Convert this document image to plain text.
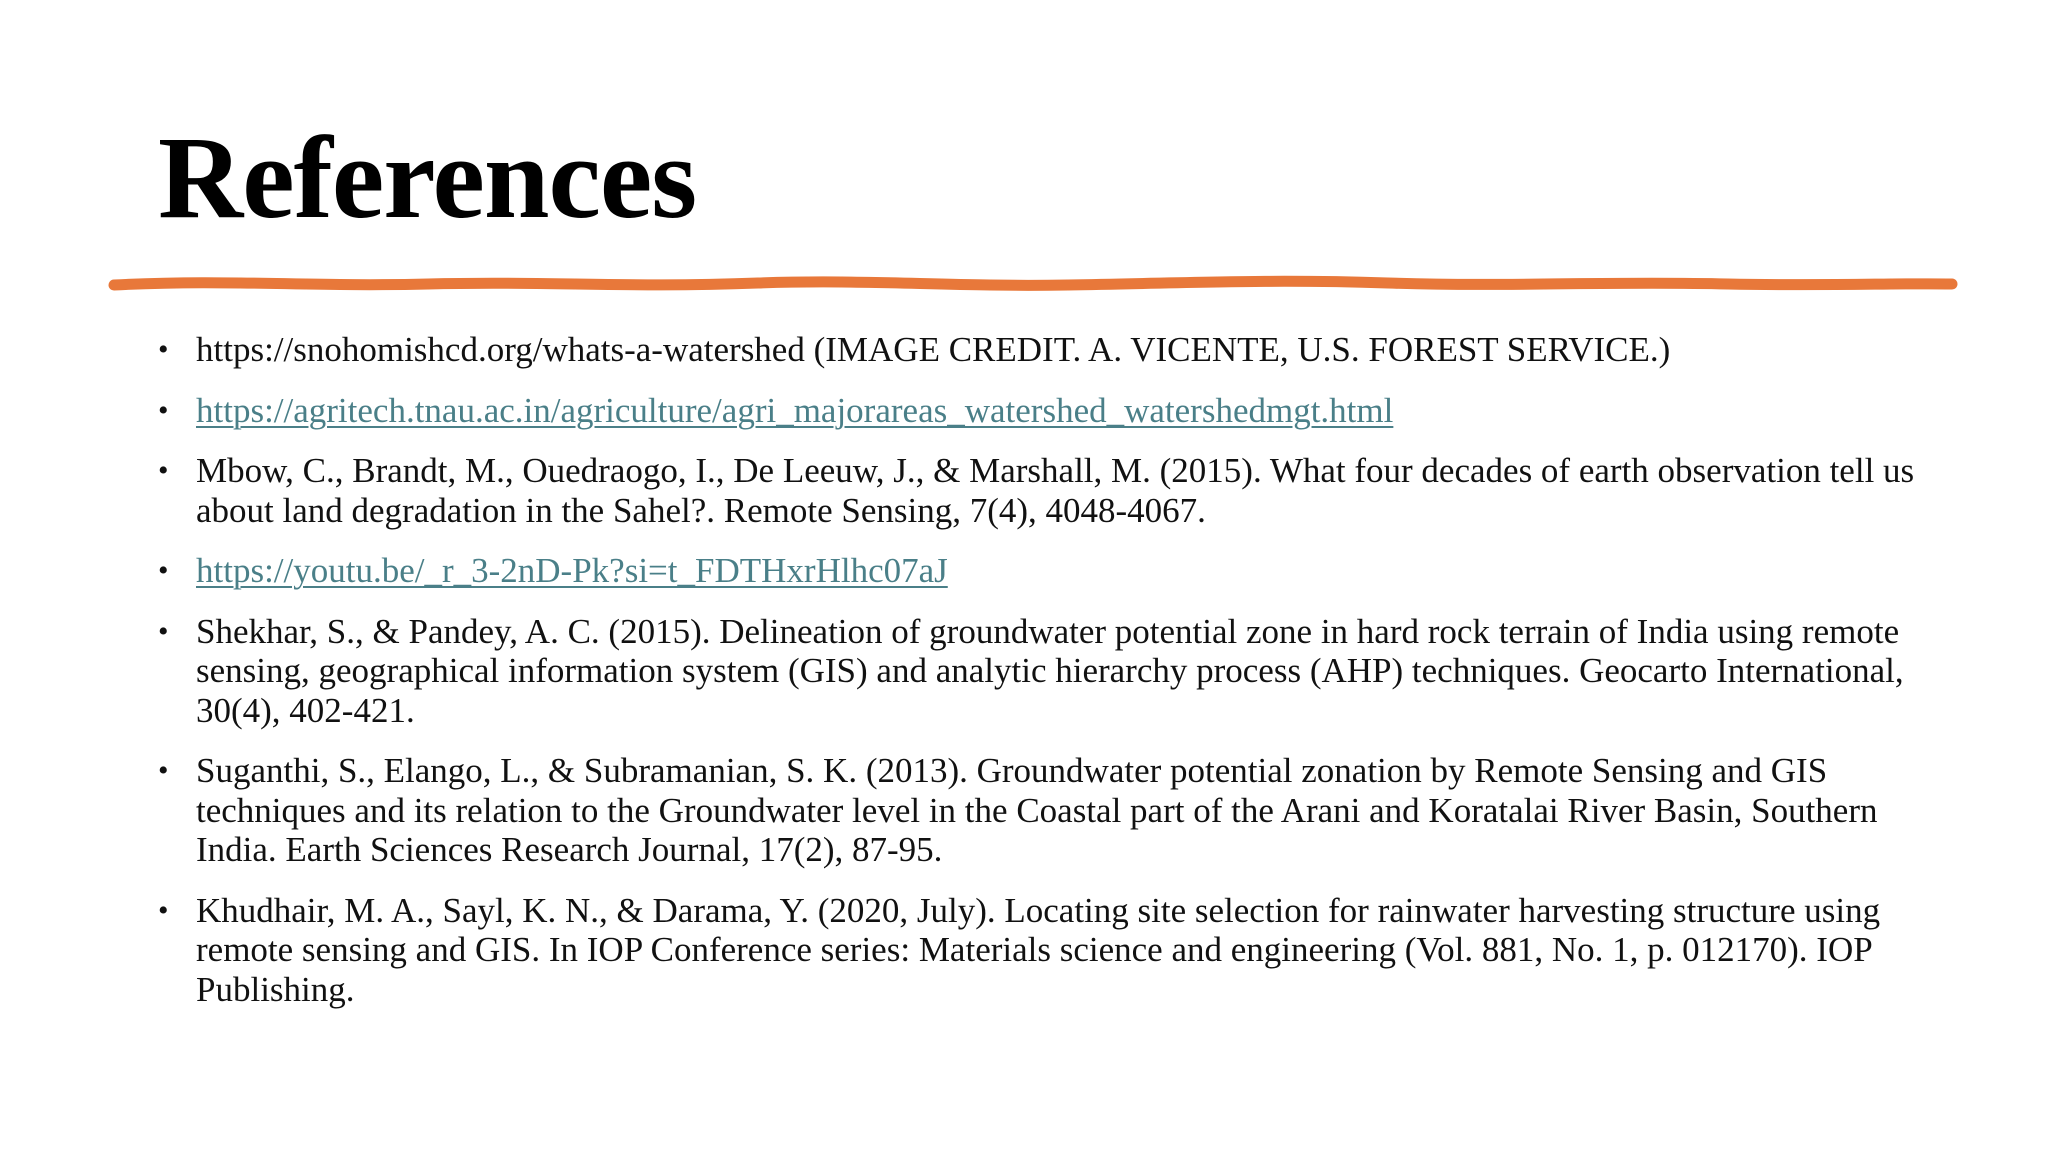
References
• https://snohomishcd.org/whats-a-watershed (IMAGE CREDIT. A. VICENTE, U.S. FOREST SERVICE.)
• https://agritech.tnau.ac.in/agriculture/agri_majorareas_watershed_watershedmgt.html
• Mbow, C., Brandt, M., Ouedraogo, I., De Leeuw, J., & Marshall, M. (2015). What four decades of earth observation tell us about land degradation in the Sahel?. Remote Sensing, 7(4), 4048-4067.
• https://youtu.be/_r_3-2nD-Pk?si=t_FDTHxrHlhc07aJ
• Shekhar, S., & Pandey, A. C. (2015). Delineation of groundwater potential zone in hard rock terrain of India using remote sensing, geographical information system (GIS) and analytic hierarchy process (AHP) techniques. Geocarto International, 30(4), 402-421.
• Suganthi, S., Elango, L., & Subramanian, S. K. (2013). Groundwater potential zonation by Remote Sensing and GIS techniques and its relation to the Groundwater level in the Coastal part of the Arani and Koratalai River Basin, Southern India. Earth Sciences Research Journal, 17(2), 87-95.
• Khudhair, M. A., Sayl, K. N., & Darama, Y. (2020, July). Locating site selection for rainwater harvesting structure using remote sensing and GIS. In IOP Conference series: Materials science and engineering (Vol. 881, No. 1, p. 012170). IOP Publishing.
